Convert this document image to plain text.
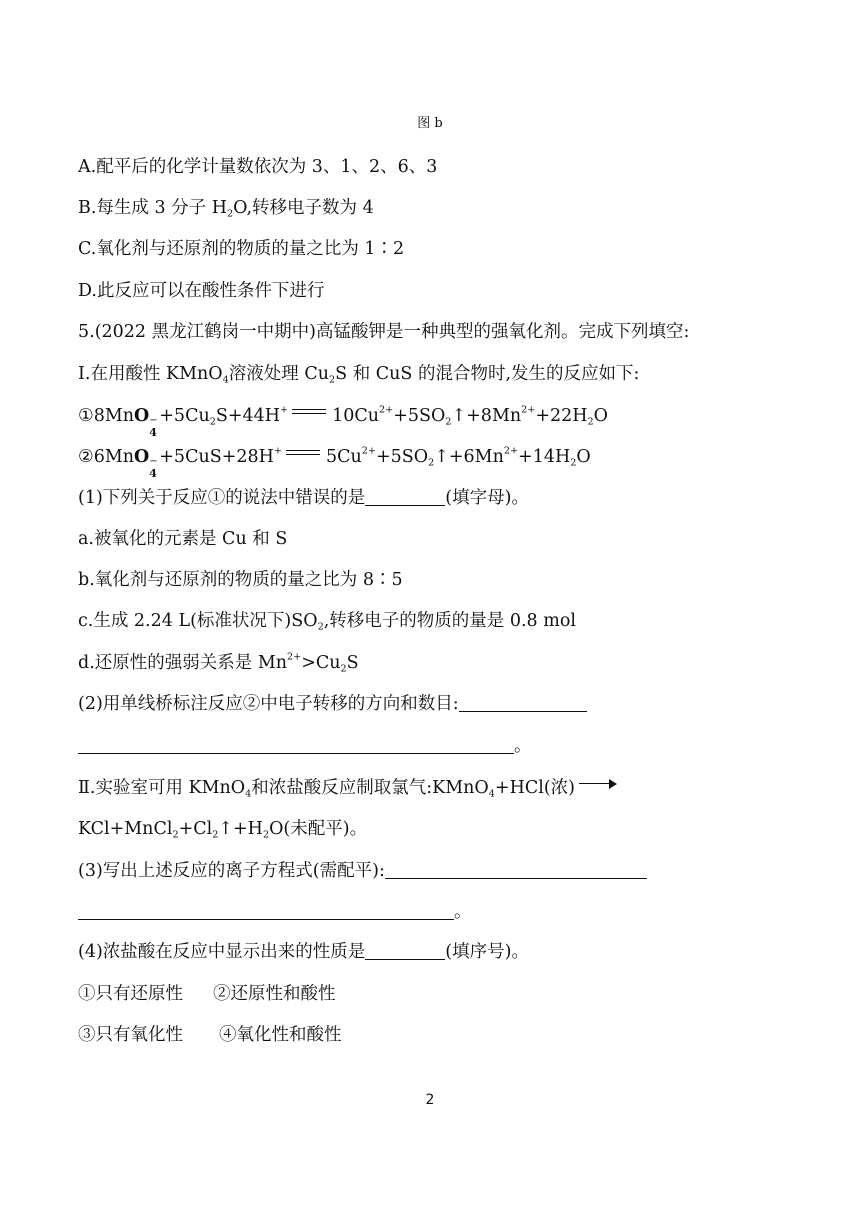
图 b
A.配平后的化学计量数依次为 3、1、2、6、3
B.每生成 3 分子 $H_2O$,转移电子数为 4
C.氧化剂与还原剂的物质的量之比为 1∶2
D.此反应可以在酸性条件下进行
5.(2022 黑龙江鹤岗一中期中)高锰酸钾是一种典型的强氧化剂。完成下列填空:
Ⅰ.在用酸性 KMnO$_4$溶液处理 $Cu_2S$ 和 CuS 的混合物时,发生的反应如下:
①8MnO −
4
$+5Cu_2S+44H^+$	$10Cu^{2+}+5SO_2↑+8Mn^{2+}+22H_2O$
②6MnO −
4
+5CuS+28H+	$5Cu^{2+}+5SO_2↑+6Mn^{2+}+14H_2O$
(1)下列关于反应①的说法中错误的是	(填字母)。
a.被氧化的元素是 Cu 和 S
b.氧化剂与还原剂的物质的量之比为 8∶5
c.生成 2.24 L(标准状况下)$SO_2$,转移电子的物质的量是 0.8 mol
d.还原性的强弱关系是 $Mn^{2+}>Cu_2S$
(2)用单线桥标注反应②中电子转移的方向和数目:
。
Ⅱ.实验室可用 KMnO$_4$和浓盐酸反应制取氯气:KMnO$_4$+HCl(浓)
$KCl+MnCl_2+Cl_2↑+H_2O$(未配平)。
(3)写出上述反应的离子方程式(需配平):
。
(4)浓盐酸在反应中显示出来的性质是	(填序号)。
①只有还原性 ②还原性和酸性
③只有氧化性 ④氧化性和酸性
2
